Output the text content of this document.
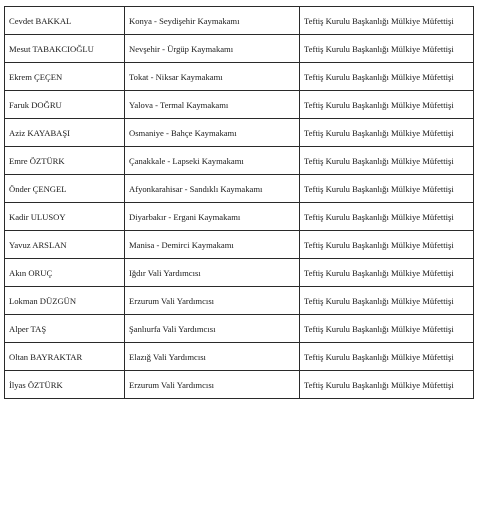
Cevdet BAKKAL	Konya - Seydişehir Kaymakamı	Teftiş Kurulu Başkanlığı Mülkiye Müfettişi
Mesut TABAKCIOĞLU	Nevşehir - Ürgüp Kaymakamı	Teftiş Kurulu Başkanlığı Mülkiye Müfettişi
Ekrem ÇEÇEN	Tokat - Niksar Kaymakamı	Teftiş Kurulu Başkanlığı Mülkiye Müfettişi
Faruk DOĞRU	Yalova - Termal Kaymakamı	Teftiş Kurulu Başkanlığı Mülkiye Müfettişi
Aziz KAYABAŞI	Osmaniye - Bahçe Kaymakamı	Teftiş Kurulu Başkanlığı Mülkiye Müfettişi
Emre ÖZTÜRK	Çanakkale - Lapseki Kaymakamı	Teftiş Kurulu Başkanlığı Mülkiye Müfettişi
Önder ÇENGEL	Afyonkarahisar - Sandıklı Kaymakamı	Teftiş Kurulu Başkanlığı Mülkiye Müfettişi
Kadir ULUSOY	Diyarbakır - Ergani Kaymakamı	Teftiş Kurulu Başkanlığı Mülkiye Müfettişi
Yavuz ARSLAN	Manisa - Demirci Kaymakamı	Teftiş Kurulu Başkanlığı Mülkiye Müfettişi
Akın ORUÇ	Iğdır Vali Yardımcısı	Teftiş Kurulu Başkanlığı Mülkiye Müfettişi
Lokman DÜZGÜN	Erzurum Vali Yardımcısı	Teftiş Kurulu Başkanlığı Mülkiye Müfettişi
Alper TAŞ	Şanlıurfa Vali Yardımcısı	Teftiş Kurulu Başkanlığı Mülkiye Müfettişi
Oltan BAYRAKTAR	Elazığ Vali Yardımcısı	Teftiş Kurulu Başkanlığı Mülkiye Müfettişi
İlyas ÖZTÜRK	Erzurum Vali Yardımcısı	Teftiş Kurulu Başkanlığı Mülkiye Müfettişi
